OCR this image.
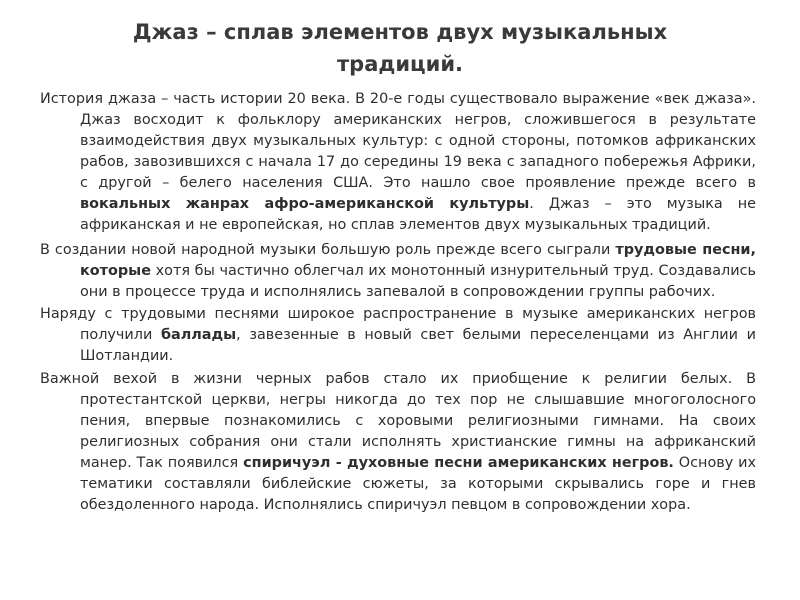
Джаз – сплав элементов двух музыкальных
традиций.

История джаза – часть истории 20 века. В 20-е годы существовало выражение «век джаза». Джаз восходит к фольклору американских негров, сложившегося в результате взаимодействия двух музыкальных культур: с одной стороны, потомков африканских рабов, завозившихся с начала 17 до середины 19 века с западного побережья Африки, с другой – белего населения США. Это нашло свое проявление прежде всего в вокальных жанрах афро-американской культуры. Джаз – это музыка не африканская и не европейская, но сплав элементов двух музыкальных традиций.

В создании новой народной музыки большую роль прежде всего сыграли трудовые песни, которые хотя бы частично облегчал их монотонный изнурительный труд. Создавались они в процессе труда и исполнялись запевалой в сопровождении группы рабочих.

Наряду с трудовыми песнями широкое распространение в музыке американских негров получили баллады, завезенные в новый свет белыми переселенцами из Англии и Шотландии.

Важной вехой в жизни черных рабов стало их приобщение к религии белых. В протестантской церкви, негры никогда до тех пор не слышавшие многоголосного пения, впервые познакомились с хоровыми религиозными гимнами. На своих религиозных собрания они стали исполнять христианские гимны на африканский манер. Так появился спиричуэл - духовные песни американских негров. Основу их тематики составляли библейские сюжеты, за которыми скрывались горе и гнев обездоленного народа. Исполнялись спиричуэл певцом в сопровождении хора.
